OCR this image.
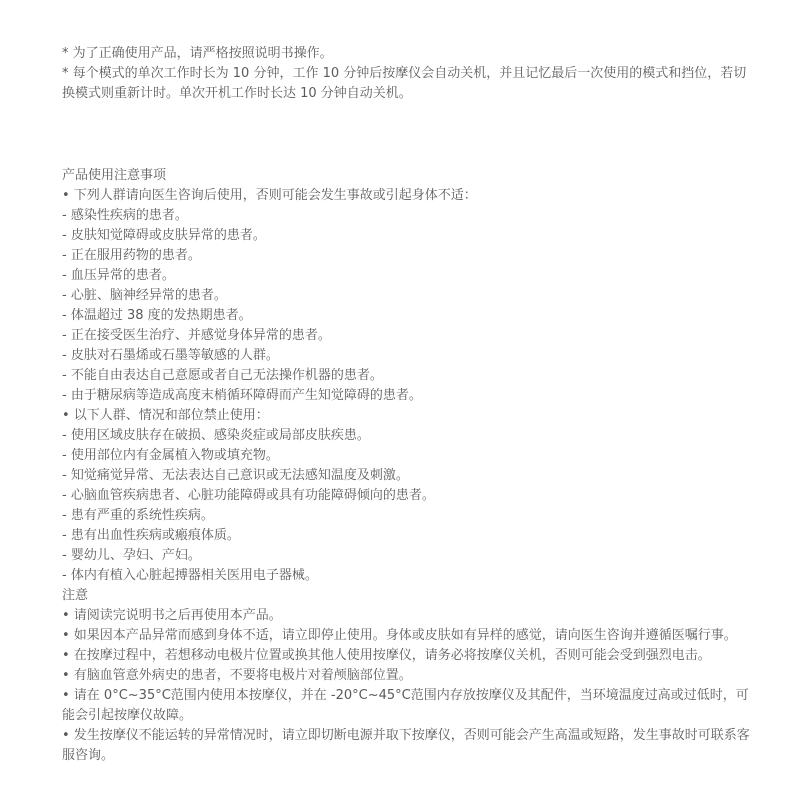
* 为了正确使用产品，请严格按照说明书操作。

* 每个模式的单次工作时长为 10 分钟，工作 10 分钟后按摩仪会自动关机，并且记忆最后一次使用的模式和挡位，若切换模式则重新计时。单次开机工作时长达 10 分钟自动关机。

产品使用注意事项

• 下列人群请向医生咨询后使用，否则可能会发生事故或引起身体不适：
- 感染性疾病的患者。
- 皮肤知觉障碍或皮肤异常的患者。
- 正在服用药物的患者。
- 血压异常的患者。
- 心脏、脑神经异常的患者。
- 体温超过 38 度的发热期患者。
- 正在接受医生治疗、并感觉身体异常的患者。
- 皮肤对石墨烯或石墨等敏感的人群。
- 不能自由表达自己意愿或者自己无法操作机器的患者。
- 由于糖尿病等造成高度末梢循环障碍而产生知觉障碍的患者。
• 以下人群、情况和部位禁止使用：
- 使用区域皮肤存在破损、感染炎症或局部皮肤疾患。
- 使用部位内有金属植入物或填充物。
- 知觉痛觉异常、无法表达自己意识或无法感知温度及刺激。
- 心脑血管疾病患者、心脏功能障碍或具有功能障碍倾向的患者。
- 患有严重的系统性疾病。
- 患有出血性疾病或瘢痕体质。
- 婴幼儿、孕妇、产妇。
- 体内有植入心脏起搏器相关医用电子器械。

注意

• 请阅读完说明书之后再使用本产品。
• 如果因本产品异常而感到身体不适，请立即停止使用。身体或皮肤如有异样的感觉，请向医生咨询并遵循医嘱行事。
• 在按摩过程中，若想移动电极片位置或换其他人使用按摩仪，请务必将按摩仪关机，否则可能会受到强烈电击。
• 有脑血管意外病史的患者，不要将电极片对着颅脑部位置。
• 请在 0°C~35°C范围内使用本按摩仪，并在 -20°C~45°C范围内存放按摩仪及其配件，当环境温度过高或过低时，可能会引起按摩仪故障。
• 发生按摩仪不能运转的异常情况时，请立即切断电源并取下按摩仪，否则可能会产生高温或短路，发生事故时可联系客服咨询。
